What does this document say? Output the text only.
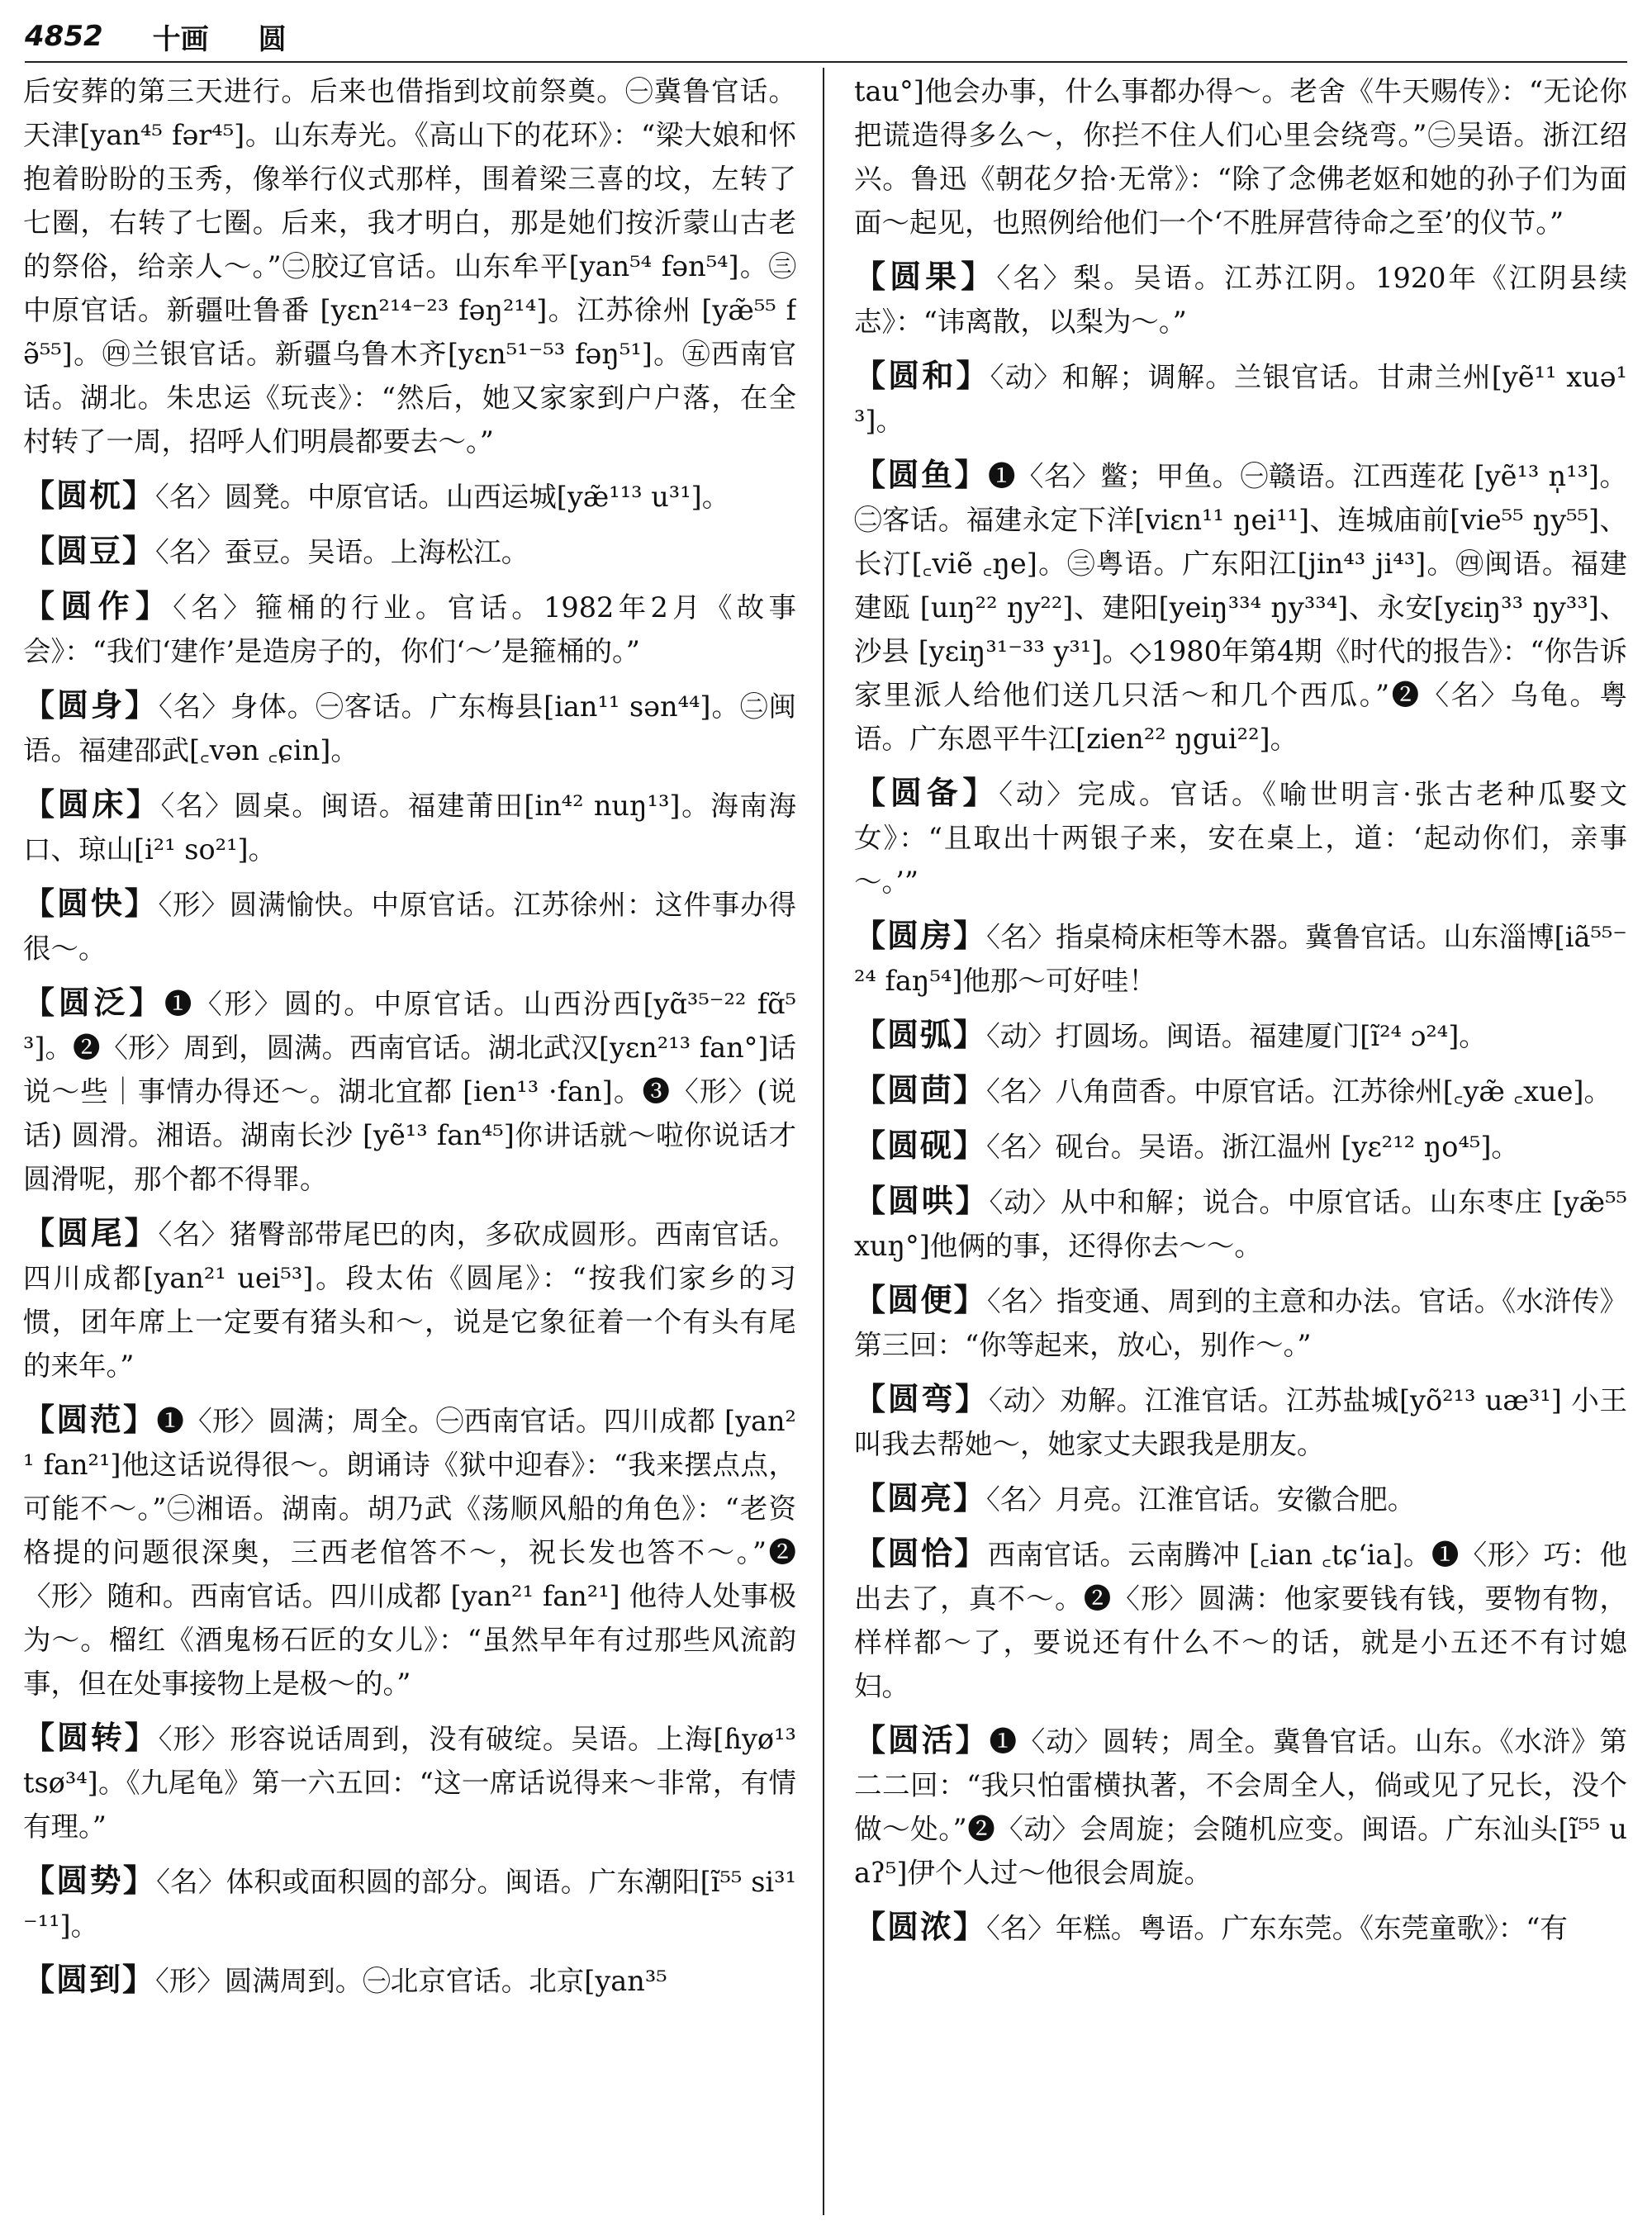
4852 十画 圆

后安葬的第三天进行。后来也借指到坟前祭奠。㊀冀鲁官话。天津[yan⁴⁵ fər⁴⁵]。山东寿光。《高山下的花环》：“梁大娘和怀抱着盼盼的玉秀，像举行仪式那样，围着梁三喜的坟，左转了七圈，右转了七圈。后来，我才明白，那是她们按沂蒙山古老的祭俗，给亲人～。”㊁胶辽官话。山东牟平[yan⁵⁴ fən⁵⁴]。㊂中原官话。新疆吐鲁番 [yɛn²¹⁴⁻²³ fəŋ²¹⁴]。江苏徐州 [yæ̃⁵⁵ fə̃⁵⁵]。㊃兰银官话。新疆乌鲁木齐[yɛn⁵¹⁻⁵³ fəŋ⁵¹]。㊄西南官话。湖北。朱忠运《玩丧》：“然后，她又家家到户户落，在全村转了一周，招呼人们明晨都要去～。”

【圆杌】〈名〉圆凳。中原官话。山西运城[yæ̃¹¹³ u³¹]。

【圆豆】〈名〉蚕豆。吴语。上海松江。

【圆作】〈名〉箍桶的行业。官话。1982年2月《故事会》：“我们‘建作’是造房子的，你们‘～’是箍桶的。”

【圆身】〈名〉身体。㊀客话。广东梅县[ian¹¹ sən⁴⁴]。㊁闽语。福建邵武[꜀vən ꜀ɕin]。

【圆床】〈名〉圆桌。闽语。福建莆田[in⁴² nuŋ¹³]。海南海口、琼山[i²¹ so²¹]。

【圆快】〈形〉圆满愉快。中原官话。江苏徐州：这件事办得很～。

【圆泛】❶〈形〉圆的。中原官话。山西汾西[yɑ̃³⁵⁻²² fɑ̃⁵³]。❷〈形〉周到，圆满。西南官话。湖北武汉[yɛn²¹³ fan°]话说～些｜事情办得还～。湖北宜都 [ien¹³ ·fan]。❸〈形〉(说话) 圆滑。湘语。湖南长沙 [yẽ¹³ fan⁴⁵]你讲话就～啦你说话才圆滑呢，那个都不得罪。

【圆尾】〈名〉猪臀部带尾巴的肉，多砍成圆形。西南官话。四川成都[yan²¹ uei⁵³]。段太佑《圆尾》：“按我们家乡的习惯，团年席上一定要有猪头和～，说是它象征着一个有头有尾的来年。”

【圆范】❶〈形〉圆满；周全。㊀西南官话。四川成都 [yan²¹ fan²¹]他这话说得很～。朗诵诗《狱中迎春》：“我来摆点点，可能不～。”㊁湘语。湖南。胡乃武《荡顺风船的角色》：“老资格提的问题很深奥，三西老倌答不～，祝长发也答不～。”❷〈形〉随和。西南官话。四川成都 [yan²¹ fan²¹] 他待人处事极为～。榴红《酒鬼杨石匠的女儿》：“虽然早年有过那些风流韵事，但在处事接物上是极～的。”

【圆转】〈形〉形容说话周到，没有破绽。吴语。上海[ɦyø¹³ tsø³⁴]。《九尾龟》第一六五回：“这一席话说得来～非常，有情有理。”

【圆势】〈名〉体积或面积圆的部分。闽语。广东潮阳[ĩ⁵⁵ si³¹⁻¹¹]。

【圆到】〈形〉圆满周到。㊀北京官话。北京[yan³⁵

tau°]他会办事，什么事都办得～。老舍《牛天赐传》：“无论你把谎造得多么～，你拦不住人们心里会绕弯。”㊁吴语。浙江绍兴。鲁迅《朝花夕拾·无常》：“除了念佛老妪和她的孙子们为面面～起见，也照例给他们一个‘不胜屏营待命之至’的仪节。”

【圆果】〈名〉梨。吴语。江苏江阴。1920年《江阴县续志》：“讳离散，以梨为～。”

【圆和】〈动〉和解；调解。兰银官话。甘肃兰州[yẽ¹¹ xuə¹³]。

【圆鱼】❶〈名〉鳖；甲鱼。㊀赣语。江西莲花 [yẽ¹³ n̩¹³]。㊁客话。福建永定下洋[viɛn¹¹ ŋei¹¹]、连城庙前[vie⁵⁵ ŋy⁵⁵]、长汀[꜀viẽ ꜀ŋe]。㊂粤语。广东阳江[jin⁴³ ji⁴³]。㊃闽语。福建建瓯 [uıŋ²² ŋy²²]、建阳[yeiŋ³³⁴ ŋy³³⁴]、永安[yɛiŋ³³ ŋy³³]、沙县 [yɛiŋ³¹⁻³³ y³¹]。◇1980年第4期《时代的报告》：“你告诉家里派人给他们送几只活～和几个西瓜。”❷〈名〉乌龟。粤语。广东恩平牛江[zien²² ŋgui²²]。

【圆备】〈动〉完成。官话。《喻世明言·张古老种瓜娶文女》：“且取出十两银子来，安在桌上，道：‘起动你们，亲事～。’”

【圆房】〈名〉指桌椅床柜等木器。冀鲁官话。山东淄博[iã⁵⁵⁻²⁴ faŋ⁵⁴]他那～可好哇！

【圆弧】〈动〉打圆场。闽语。福建厦门[ĩ²⁴ ɔ²⁴]。

【圆茴】〈名〉八角茴香。中原官话。江苏徐州[꜀yæ̃ ꜀xue]。

【圆砚】〈名〉砚台。吴语。浙江温州 [yɛ²¹² ŋo⁴⁵]。

【圆哄】〈动〉从中和解；说合。中原官话。山东枣庄 [yæ̃⁵⁵ xuŋ°]他俩的事，还得你去～～。

【圆便】〈名〉指变通、周到的主意和办法。官话。《水浒传》第三回：“你等起来，放心，别作～。”

【圆弯】〈动〉劝解。江淮官话。江苏盐城[yõ²¹³ uæ³¹] 小王叫我去帮她～，她家丈夫跟我是朋友。

【圆亮】〈名〉月亮。江淮官话。安徽合肥。

【圆恰】西南官话。云南腾冲 [꜀ian ꜀tɕʻia]。❶〈形〉巧：他出去了，真不～。❷〈形〉圆满：他家要钱有钱，要物有物，样样都～了，要说还有什么不～的话，就是小五还不有讨媳妇。

【圆活】❶〈动〉圆转；周全。冀鲁官话。山东。《水浒》第二二回：“我只怕雷横执著，不会周全人，倘或见了兄长，没个做～处。”❷〈动〉会周旋；会随机应变。闽语。广东汕头[ĩ⁵⁵ uaʔ⁵]伊个人过～他很会周旋。

【圆浓】〈名〉年糕。粤语。广东东莞。《东莞童歌》：“有
